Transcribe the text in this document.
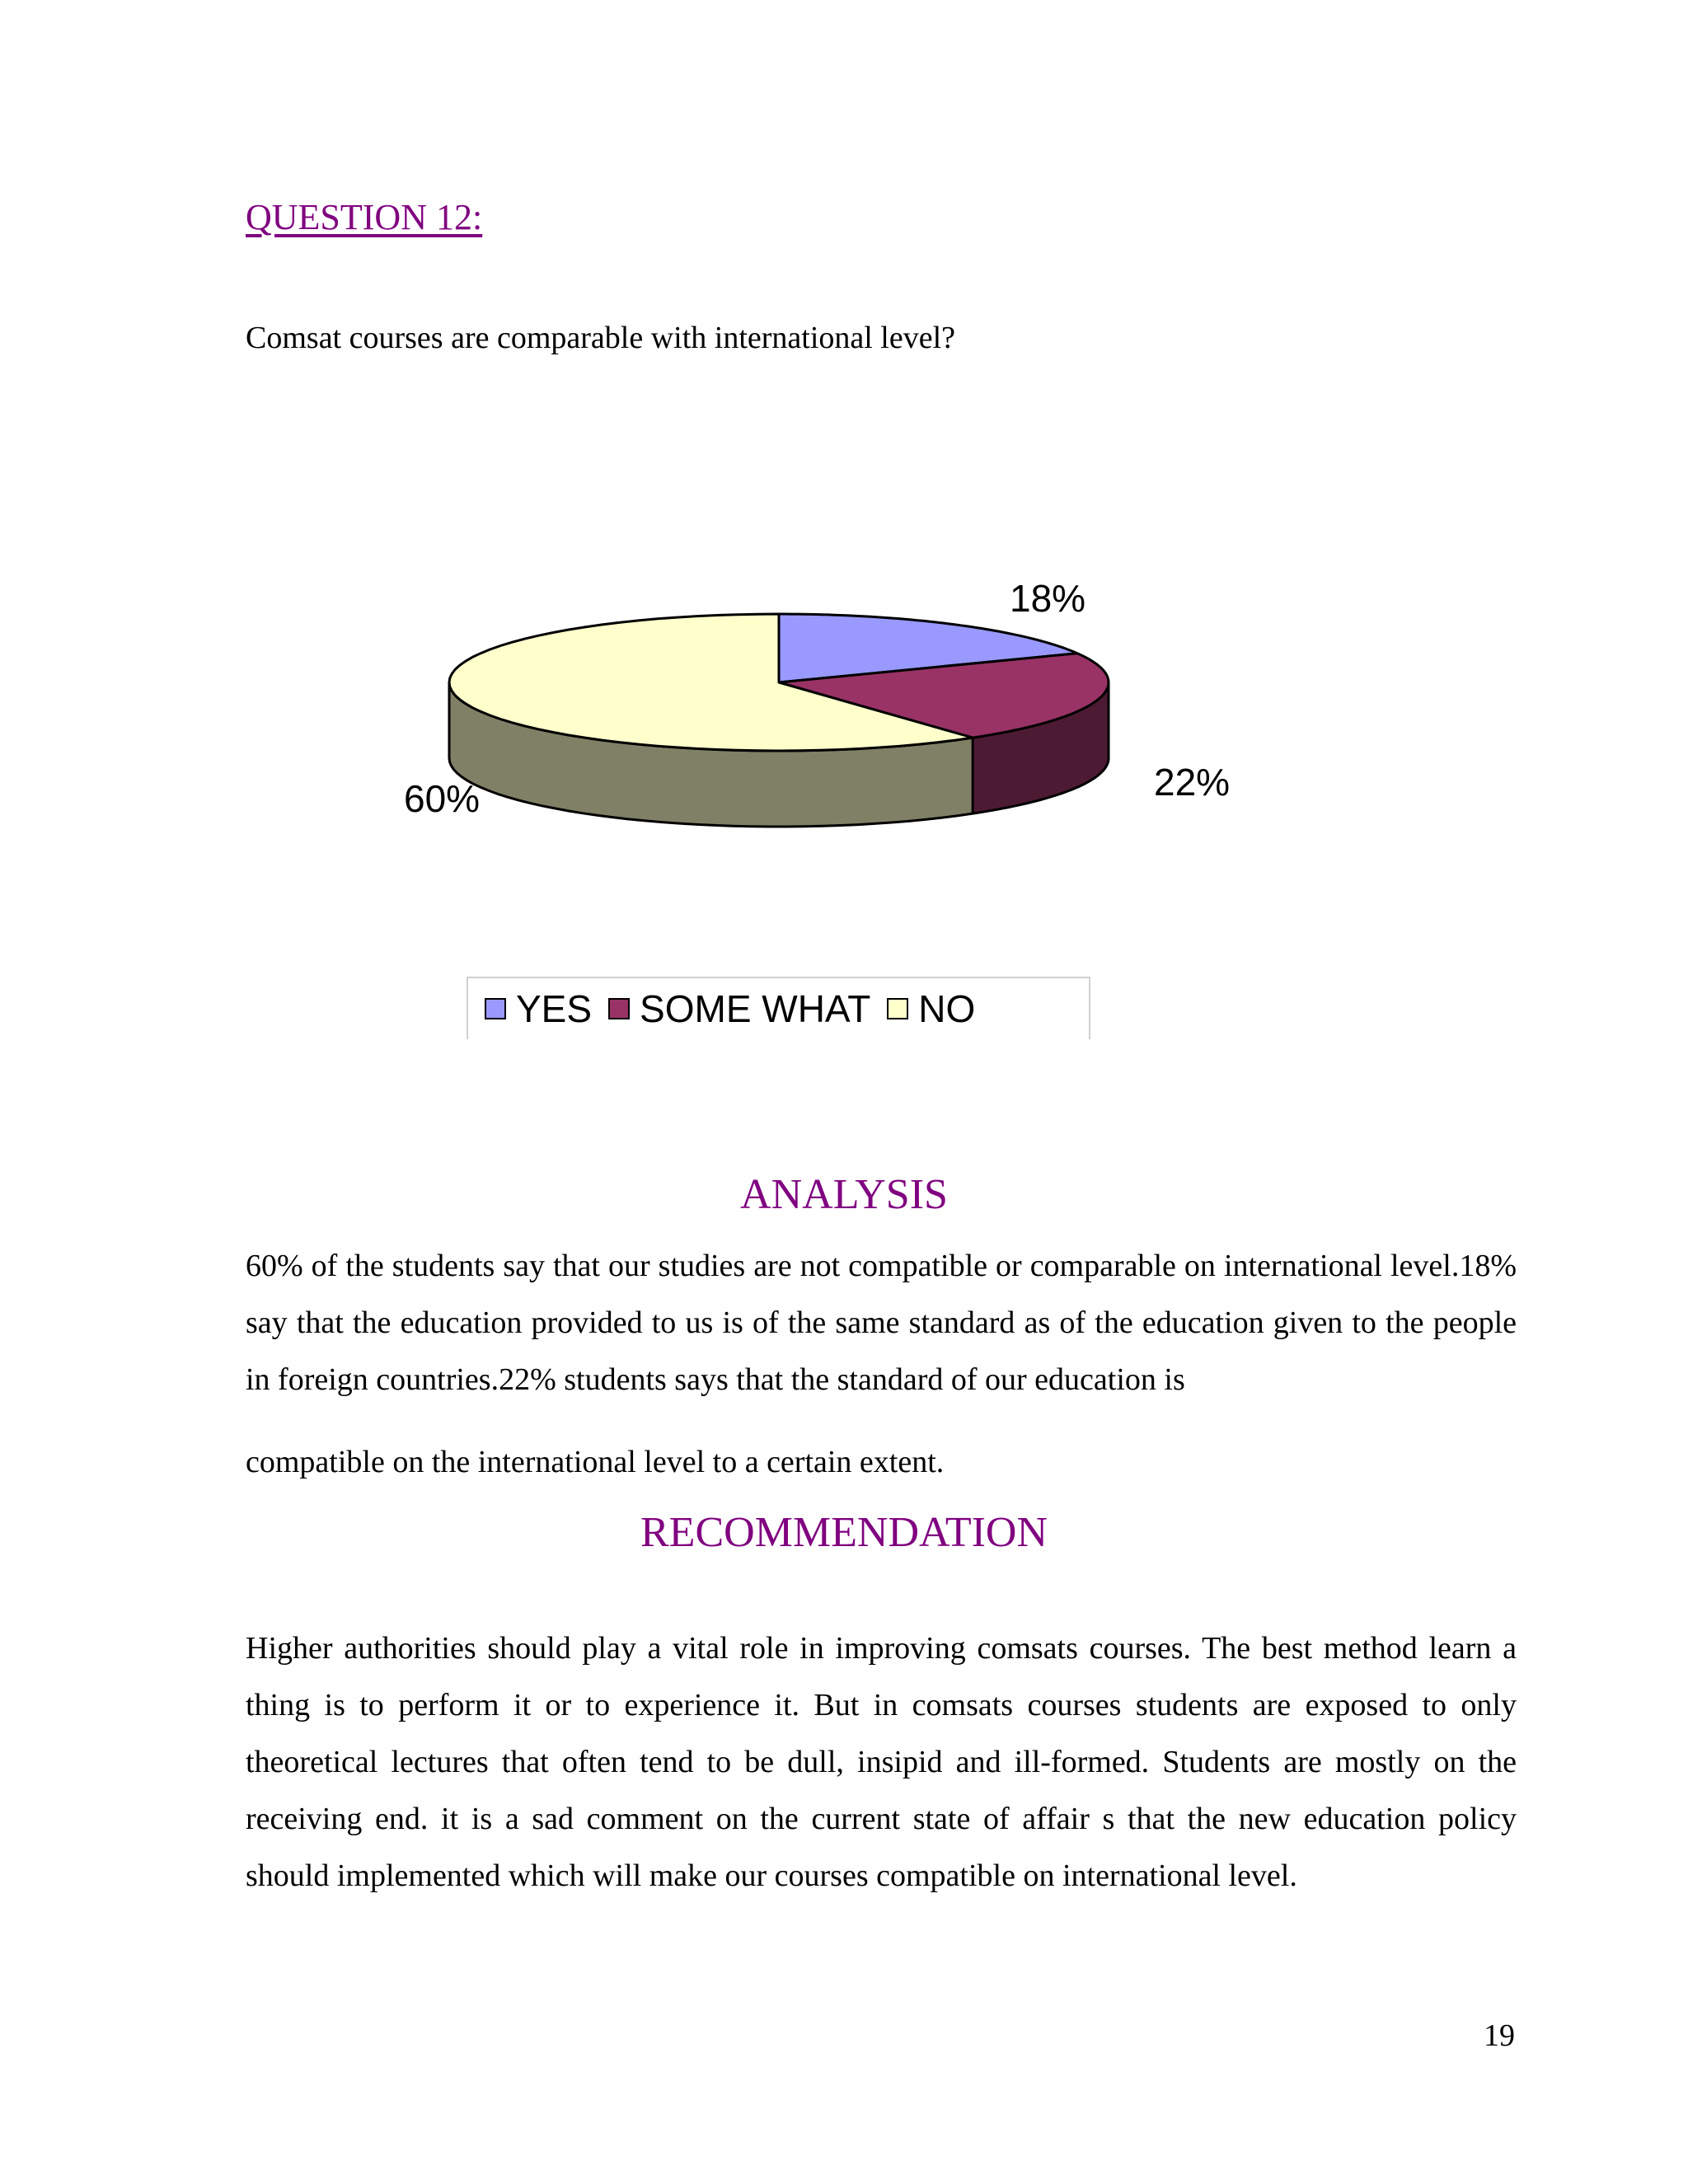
QUESTION 12:

Comsat courses are comparable with international level?

18%
22%
60%
YES SOME WHAT NO
ANALYSIS

60% of the students say that our studies are not compatible or comparable on international level.18% say that the education provided to us is of the same standard as of the education given to the people in foreign countries.22% students says that the standard of our education is

compatible on the international level to a certain extent.

RECOMMENDATION

Higher authorities should play a vital role in improving comsats courses. The best method learn a thing is to perform it or to experience it. But in comsats courses students are exposed to only theoretical lectures that often tend to be dull, insipid and ill-formed. Students are mostly on the receiving end. it is a sad comment on the current state of affair s that the new education policy should implemented which will make our courses compatible on international level.

19
